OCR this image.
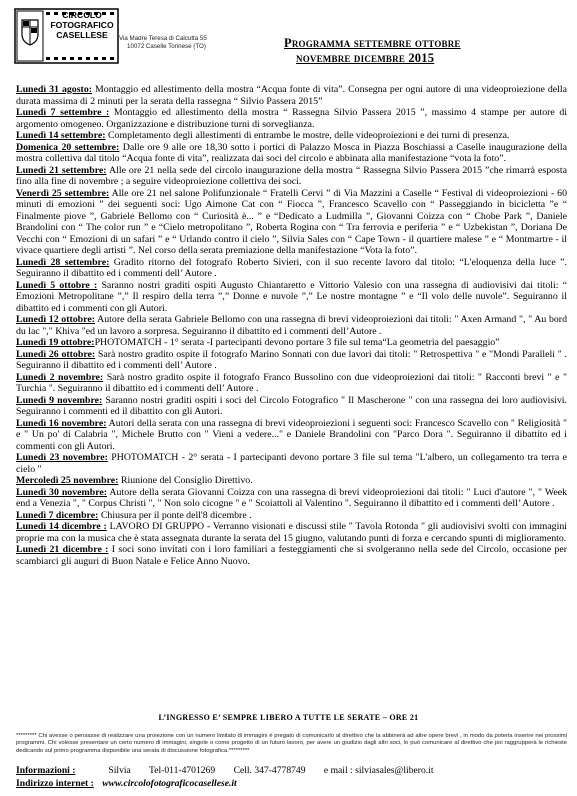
CIRCOLO
FOTOGRAFICO
CASELLESE	Via Madre Teresa di Calcutta 55
10072 Caselle Torinese (TO)	Programma settembre ottobre
novembre dicembre 2015

Lunedì 31 agosto: Montaggio ed allestimento della mostra “Acqua fonte di vita”. Consegna per ogni autore di una videoproiezione della durata massima di 2 minuti per la serata della rassegna “ Silvio Passera 2015”

Lunedì 7 settembre : Montaggio ed allestimento della mostra “ Rassegna Silvio Passera 2015 ”, massimo 4 stampe per autore di argomento omogeneo. Organizzazione e distribuzione turni di sorveglianza.

Lunedì 14 settembre: Completamento degli allestimenti di entrambe le mostre, delle videoproiezioni e dei turni di presenza.

Domenica 20 settembre: Dalle ore 9 alle ore 18,30 sotto i portici di Palazzo Mosca in Piazza Boschiassi a Caselle inaugurazione della mostra collettiva dal titolo “Acqua fonte di vita”, realizzata dai soci del circolo e abbinata alla manifestazione “vota la foto”.

Lunedì 21 settembre: Alle ore 21 nella sede del circolo inaugurazione della mostra “ Rassegna Silvio Passera 2015 ”che rimarrà esposta fino alla fine di novembre ; a seguire videoproiezione collettiva dei soci.

Venerdì 25 settembre: Alle ore 21 nel salone Polifunzionale “ Fratelli Cervi ” di Via Mazzini a Caselle “ Festival di videoproiezioni - 60 minuti di emozioni ” dei seguenti soci: Ugo Aimone Cat con “ Fiocca ”, Francesco Scavello con “ Passeggiando in bicicletta ”e “ Finalmente piove ”, Gabriele Bellomo con “ Curiosità è... ” e “Dedicato a Ludmilla ”, Giovanni Coizza con “ Chobe Park ”, Daniele Brandolini con “ The color run ” e “Cielo metropolitano ”, Roberta Rogina con “ Tra ferrovia e periferia ” e “ Uzbekistan ”, Doriana De Vecchi con “ Emozioni di un safari ” e “ Urlando contro il cielo ”, Silvia Sales con “ Cape Town - il quartiere malese ” e “ Montmartre - il vivace quartiere degli artisti ”. Nel corso della serata premiazione della manifestazione “Vota la foto”.

Lunedì 28 settembre: Gradito ritorno del fotografo Roberto Sivieri, con il suo recente lavoro dal titolo: “L'eloquenza della luce ”. Seguiranno il dibattito ed i commenti dell’ Autore .

Lunedì 5 ottobre : Saranno nostri graditi ospiti Augusto Chiantaretto e Vittorio Valesio con una rassegna di audiovisivi dai titoli: “ Emozioni Metropolitane ”,” Il respiro della terra ”,” Donne e nuvole ”,” Le nostre montagne ” e “Il volo delle nuvole”. Seguiranno il dibattito ed i commenti con gli Autori.

Lunedì 12 ottobre: Autore della serata Gabriele Bellomo con una rassegna di brevi videoproiezioni dai titoli: " Axen Armand ", " Au bord du lac "," Khiva "ed un lavoro a sorpresa. Seguiranno il dibattito ed i commenti dell’Autore .

Lunedì 19 ottobre:PHOTOMATCH - 1° serata -I partecipanti devono portare 3 file sul tema“La geometria del paesaggio”

Lunedì 26 ottobre: Sarà nostro gradito ospite il fotografo Marino Sonnati con due lavori dai titoli: " Retrospettiva " e "Mondi Paralleli " . Seguiranno il dibattito ed i commenti dell’ Autore .

Lunedì 2 novembre: Sarà nostro gradito ospite il fotografo Franco Bussolino con due videoproiezioni dai titoli: " Racconti brevi " e " Turchia ". Seguiranno il dibattito ed i commenti dell’ Autore .

Lunedì 9 novembre: Saranno nostri graditi ospiti i soci del Circolo Fotografico " Il Mascherone " con una rassegna dei loro audiovisivi. Seguiranno i commenti ed il dibattito con gli Autori.

Lunedì 16 novembre: Autori della serata con una rassegna di brevi videoproiezioni i seguenti soci: Francesco Scavello con " Religiosità " e " Un po' di Calabria ", Michele Brutto con " Vieni a vedere..." e Daniele Brandolini con "Parco Dora ". Seguiranno il dibattito ed i commenti con gli Autori.

Lunedì 23 novembre: PHOTOMATCH - 2° serata - I partecipanti devono portare 3 file sul tema "L'albero, un collegamento tra terra e cielo "

Mercoledì 25 novembre: Riunione del Consiglio Direttivo.

Lunedì 30 novembre: Autore della serata Giovanni Coizza con una rassegna di brevi videoproiezioni dai titoli: " Luci d'autore ", " Week end a Venezia ", " Corpus Christi ", " Non solo cicogne " e " Scoiattoli al Valentino ". Seguiranno il dibattito ed i commenti dell’ Autore .

Lunedì 7 dicembre: Chiusura per il ponte dell'8 dicembre .

Lunedì 14 dicembre : LAVORO DI GRUPPO - Verranno visionati e discussi stile " Tavola Rotonda " gli audiovisivi svolti con immagini proprie ma con la musica che è stata assegnata durante la serata del 15 giugno, valutando punti di forza e cercando spunti di miglioramento.

Lunedì 21 dicembre : I soci sono invitati con i loro familiari a festeggiamenti che si svolgeranno nella sede del Circolo, occasione per scambiarci gli auguri di Buon Natale e Felice Anno Nuovo.

L’INGRESSO E’ SEMPRE LIBERO A TUTTE LE SERATE – ORE 21
********* Chi avesse o pensasse di realizzare una proiezione con un numero limitato di immagini è pregato di comunicarlo al direttivo che la abbinerà ad altre opere brevi , in modo da poterla inserire nei prossimi programmi. Chi volesse presentare un certo numero di immagini, singole o come progetto di un futuro lavoro, per avere un giudizio dagli altri soci, lo può comunicare al direttivo che poi raggrupperà le richieste dedicando sul primo programma disponibile una serata di discussione fotografica.*********
Informazioni :	Silvia Tel-011-4701269 Cell. 347-4778749 e mail : silviasales@libero.it
Indirizzo internet : www.circolofotograficocasellese.it
